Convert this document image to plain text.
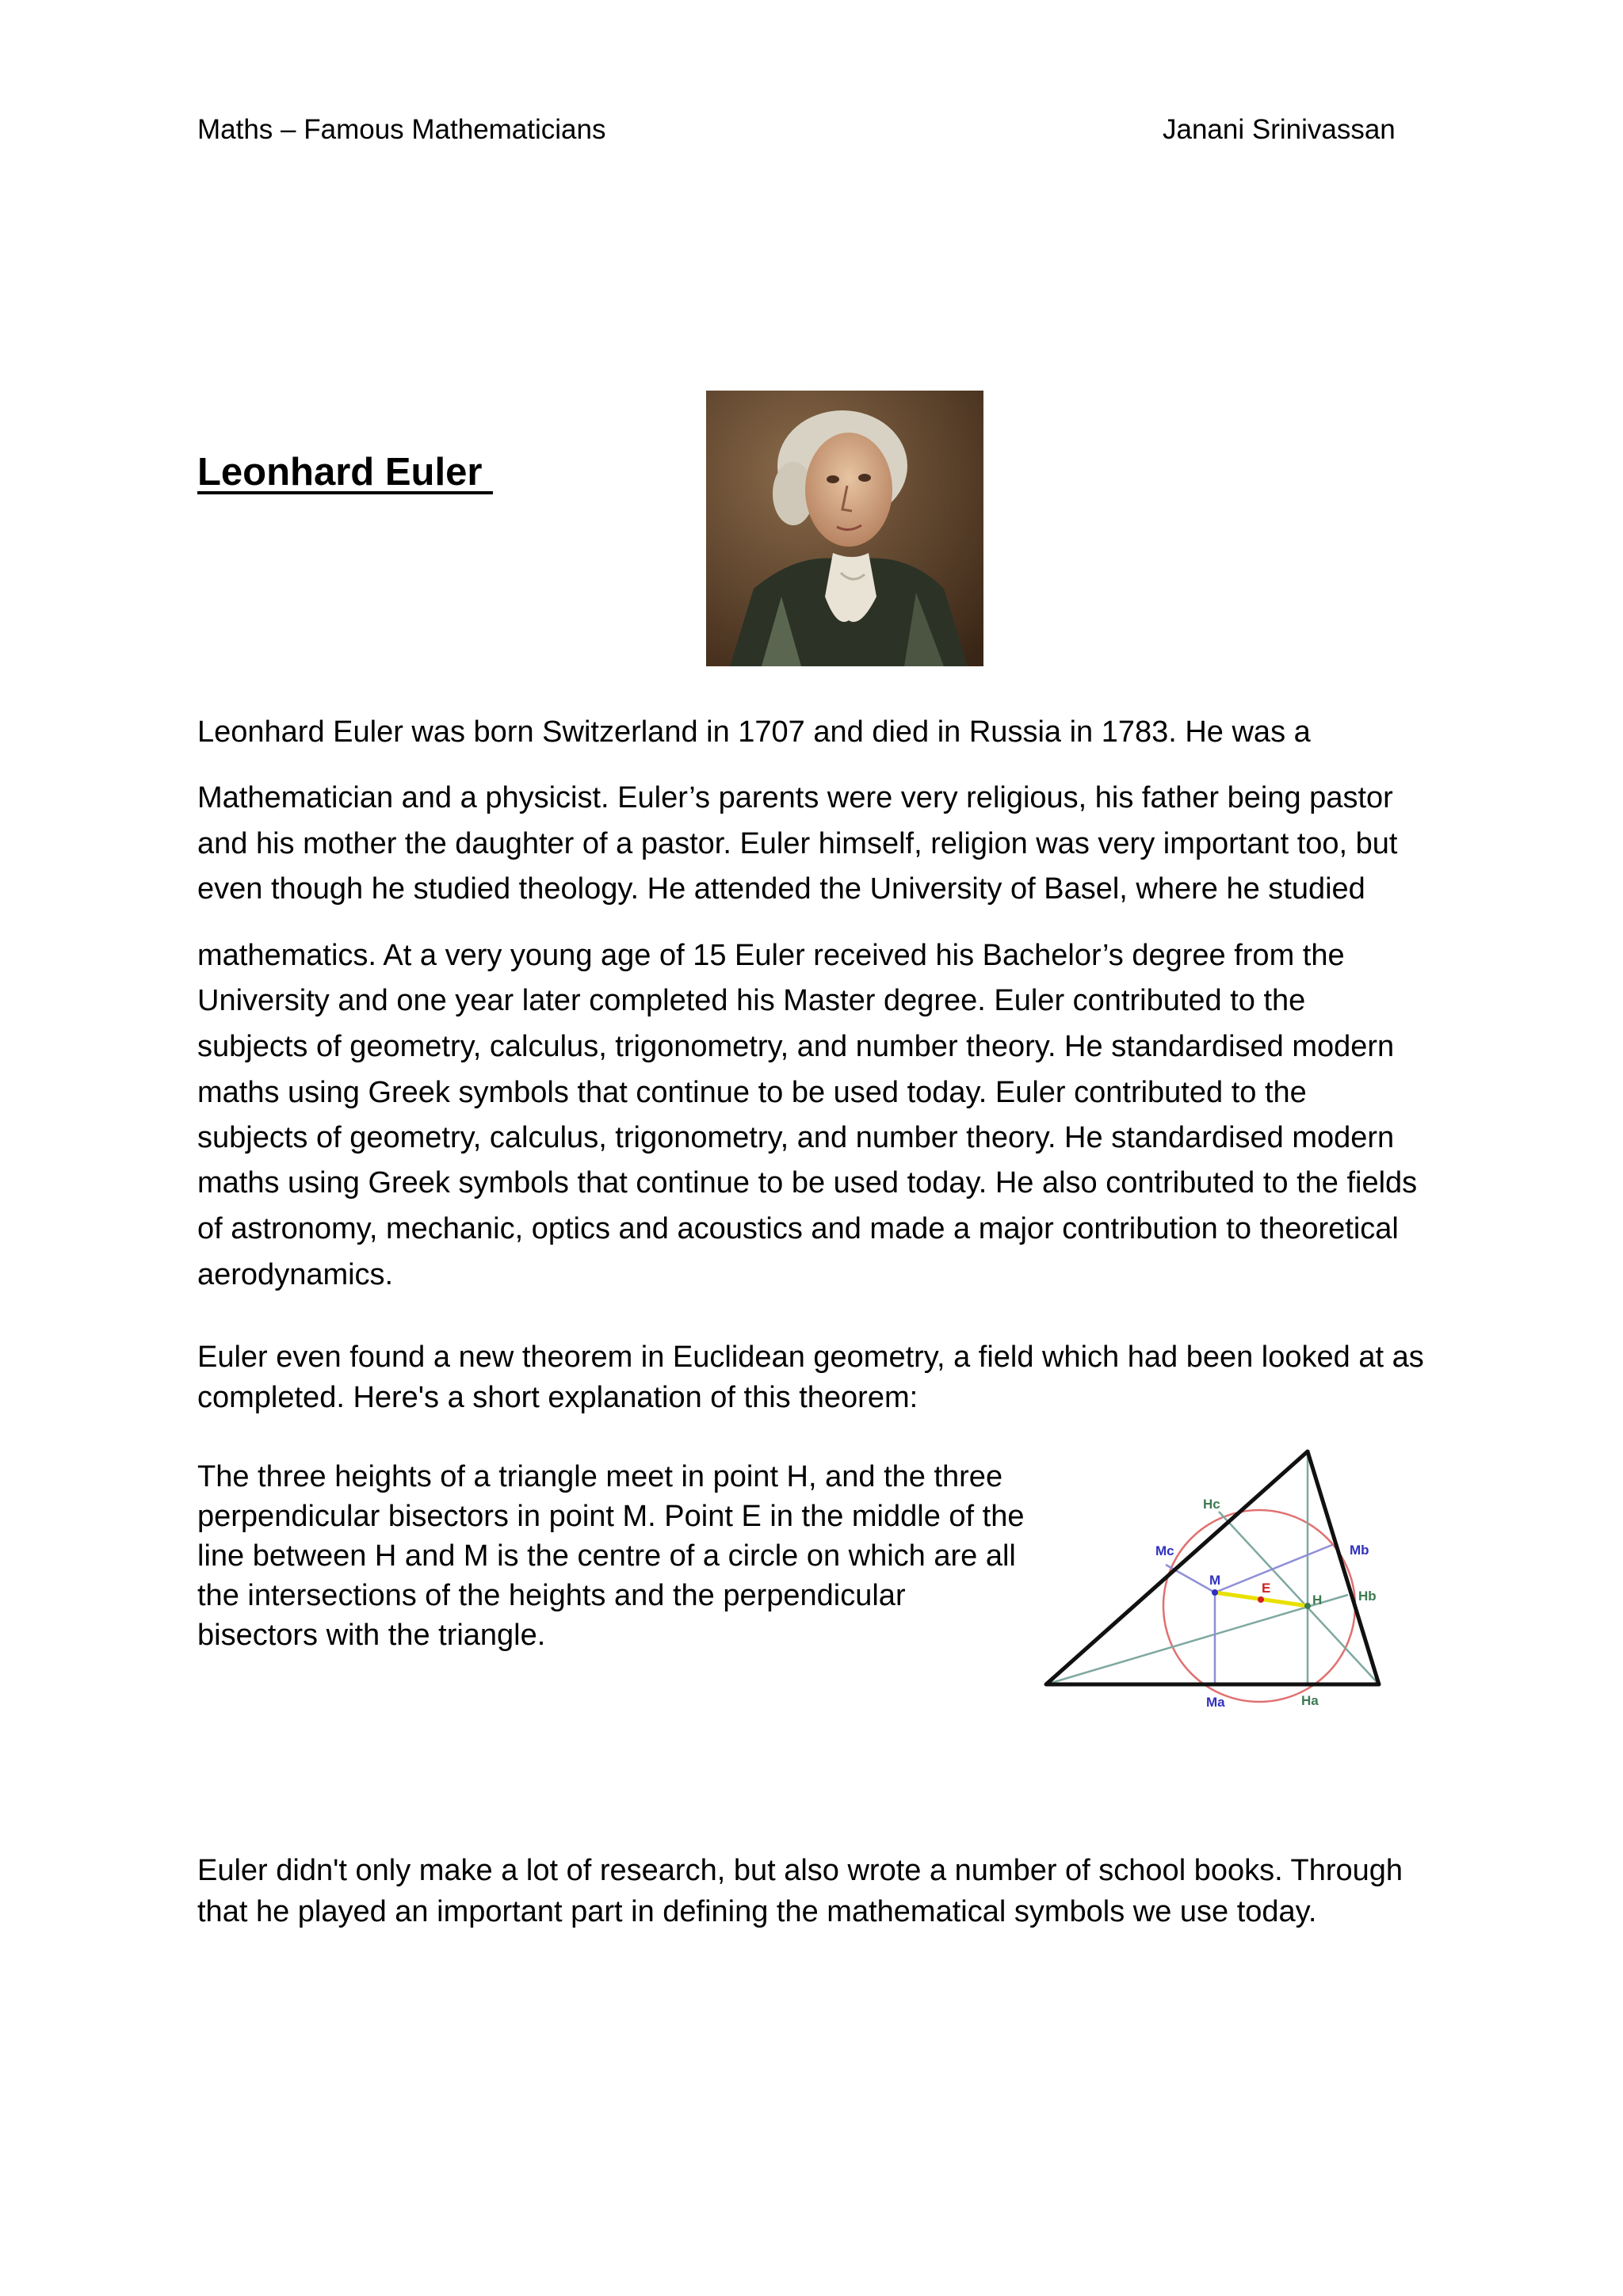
Maths – Famous Mathematicians	Janani Srinivassan
Leonhard Euler
Leonhard Euler was born Switzerland in 1707 and died in Russia in 1783. He was a
Mathematician and a physicist. Euler’s parents were very religious, his father being pastor
and his mother the daughter of a pastor. Euler himself, religion was very important too, but
even though he studied theology. He attended the University of Basel, where he studied
mathematics. At a very young age of 15 Euler received his Bachelor’s degree from the
University and one year later completed his Master degree. Euler contributed to the
subjects of geometry, calculus, trigonometry, and number theory. He standardised modern
maths using Greek symbols that continue to be used today. Euler contributed to the
subjects of geometry, calculus, trigonometry, and number theory. He standardised modern
maths using Greek symbols that continue to be used today. He also contributed to the fields
of astronomy, mechanic, optics and acoustics and made a major contribution to theoretical
aerodynamics.
Euler even found a new theorem in Euclidean geometry, a field which had been looked at as
completed. Here's a short explanation of this theorem:
The three heights of a triangle meet in point H, and the three
perpendicular bisectors in point M. Point E in the middle of the
line between H and M is the centre of a circle on which are all
the intersections of the heights and the perpendicular
bisectors with the triangle.
Hc
Mc	Mb
M
E
H	Hb
Ma	Ha
Euler didn't only make a lot of research, but also wrote a number of school books. Through
that he played an important part in defining the mathematical symbols we use today.
